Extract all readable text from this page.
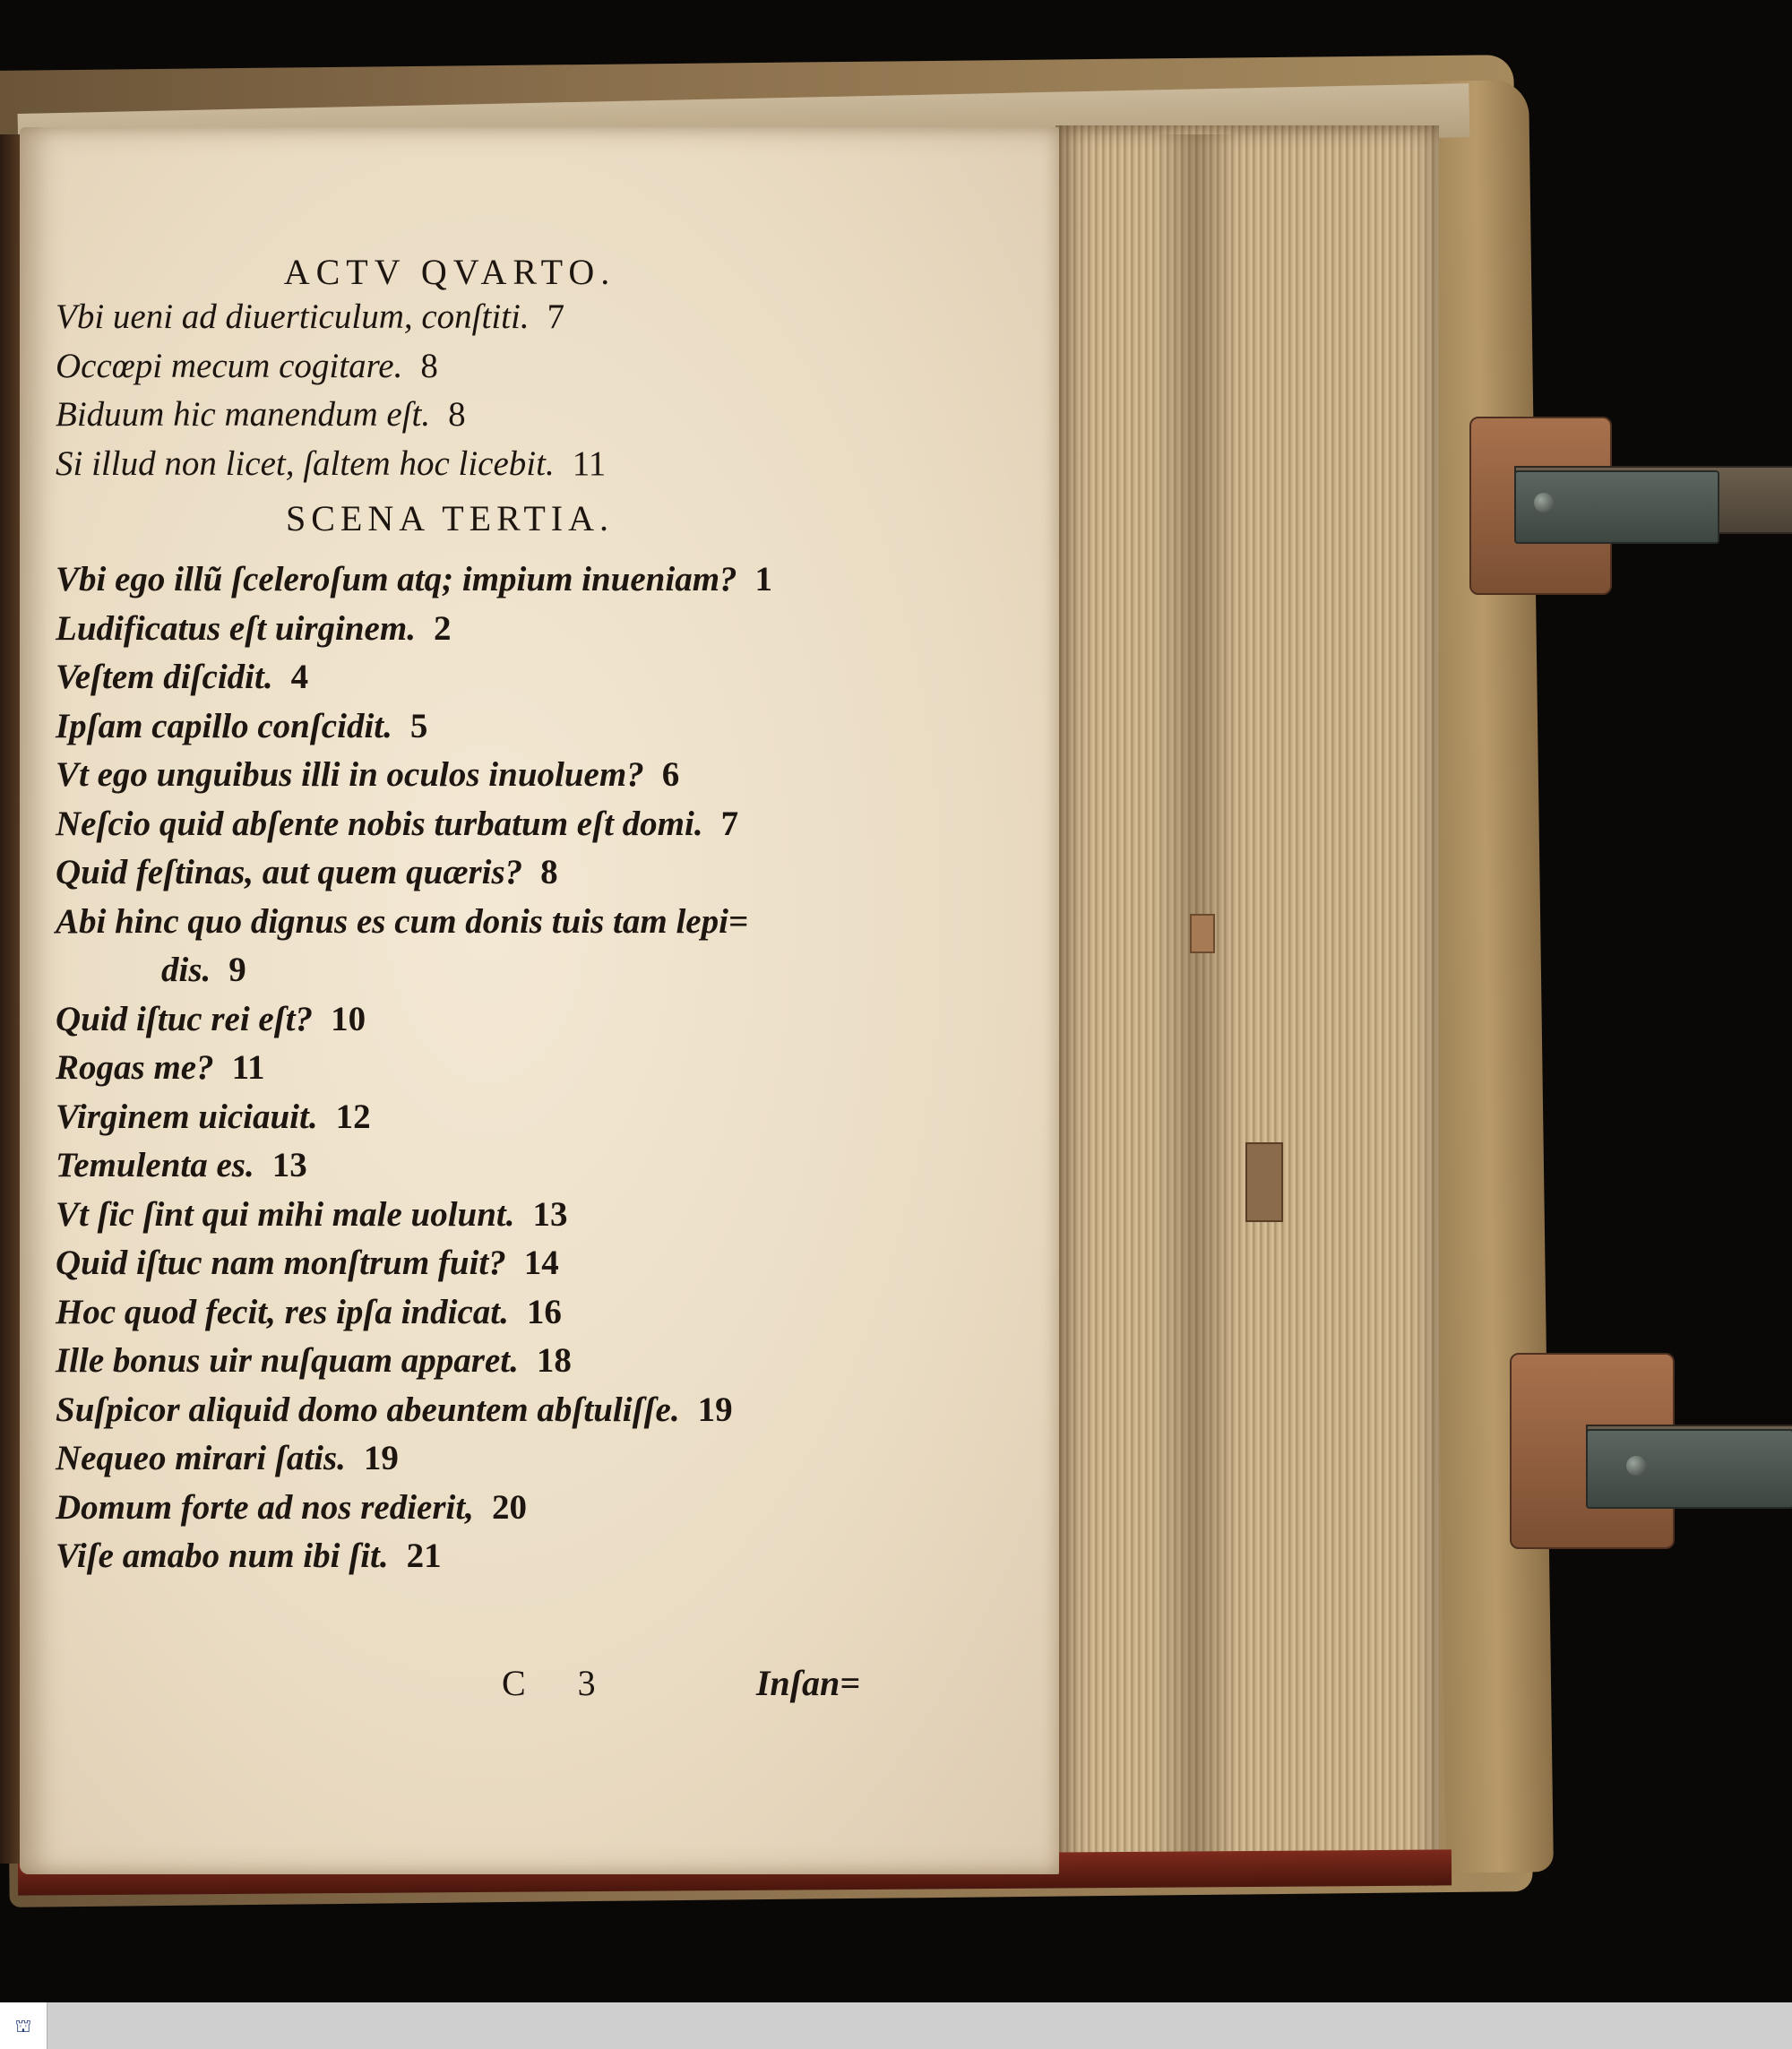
ACTV QVARTO.

Vbi ueni ad diuerticulum, conſtiti. 7

Occœpi mecum cogitare. 8

Biduum hic manendum eſt. 8

Si illud non licet, ſaltem hoc licebit. 11

SCENA TERTIA.

Vbi ego illũ ſceleroſum atq; impium inueniam? 1

Ludificatus eſt uirginem. 2

Veſtem diſcidit. 4

Ipſam capillo conſcidit. 5

Vt ego unguibus illi in oculos inuoluem? 6

Neſcio quid abſente nobis turbatum eſt domi. 7

Quid feſtinas, aut quem quæris? 8

Abi hinc quo dignus es cum donis tuis tam lepi=

dis. 9

Quid iſtuc rei eſt? 10

Rogas me? 11

Virginem uiciauit. 12

Temulenta es. 13

Vt ſic ſint qui mihi male uolunt. 13

Quid iſtuc nam monſtrum fuit? 14

Hoc quod fecit, res ipſa indicat. 16

Ille bonus uir nuſquam apparet. 18

Suſpicor aliquid domo abeuntem abſtuliſſe. 19

Nequeo mirari ſatis. 19

Domum forte ad nos redierit, 20

Viſe amabo num ibi ſit. 21

C 3	Inſan=
⛫
